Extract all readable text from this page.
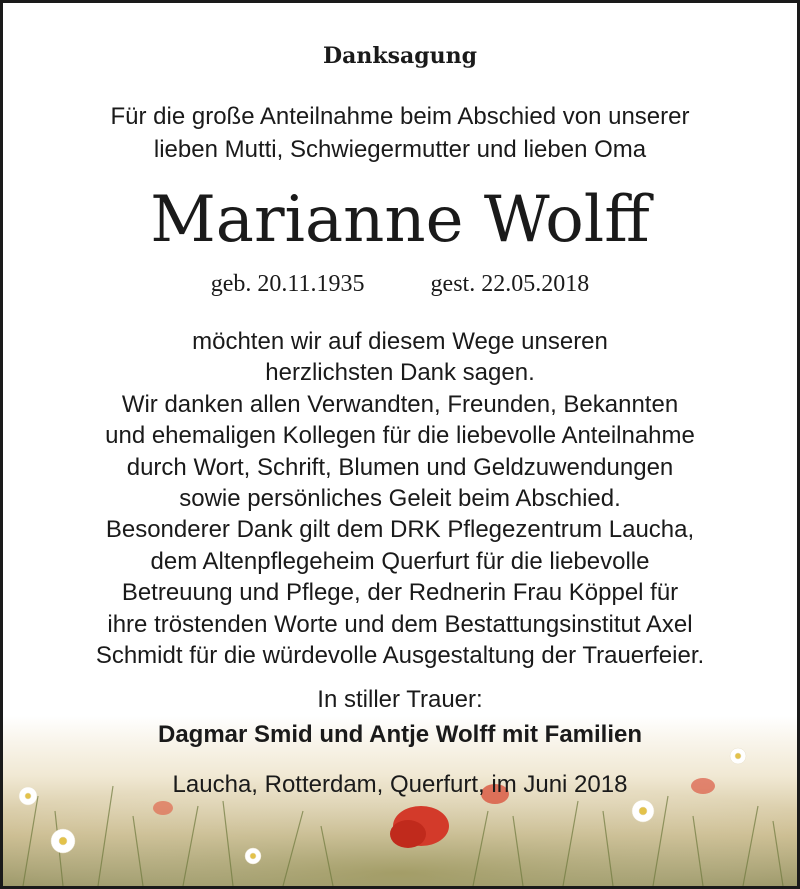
Danksagung
Für die große Anteilnahme beim Abschied von unserer
lieben Mutti, Schwiegermutter und lieben Oma
Marianne Wolff
geb. 20.11.1935	gest. 22.05.2018
möchten wir auf diesem Wege unseren
herzlichsten Dank sagen.
Wir danken allen Verwandten, Freunden, Bekannten
und ehemaligen Kollegen für die liebevolle Anteilnahme
durch Wort, Schrift, Blumen und Geldzuwendungen
sowie persönliches Geleit beim Abschied.
Besonderer Dank gilt dem DRK Pflegezentrum Laucha,
dem Altenpflegeheim Querfurt für die liebevolle
Betreuung und Pflege, der Rednerin Frau Köppel für
ihre tröstenden Worte und dem Bestattungsinstitut Axel
Schmidt für die würdevolle Ausgestaltung der Trauerfeier.
In stiller Trauer:
Dagmar Smid und Antje Wolff mit Familien
Laucha, Rotterdam, Querfurt, im Juni 2018
